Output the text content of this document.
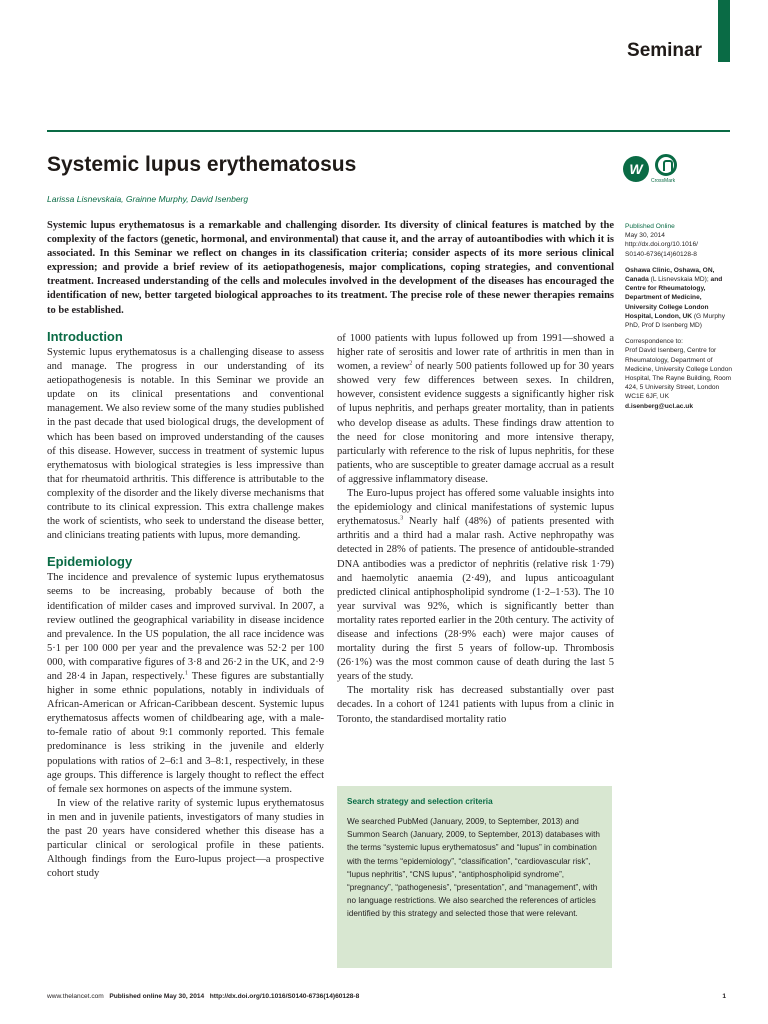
Seminar
Systemic lupus erythematosus
Larissa Lisnevskaia, Grainne Murphy, David Isenberg
W
CrossMark
Systemic lupus erythematosus is a remarkable and challenging disorder. Its diversity of clinical features is matched by the complexity of the factors (genetic, hormonal, and environmental) that cause it, and the array of autoantibodies with which it is associated. In this Seminar we reflect on changes in its classification criteria; consider aspects of its more serious clinical expression; and provide a brief review of its aetiopathogenesis, major complications, coping strategies, and conventional treatment. Increased understanding of the cells and molecules involved in the development of the diseases has encouraged the identification of new, better targeted biological approaches to its treatment. The precise role of these newer therapies remains to be established.
Introduction

Systemic lupus erythematosus is a challenging disease to assess and manage. The progress in our understanding of its aetiopathogenesis is notable. In this Seminar we provide an update on its clinical presentations and conventional management. We also review some of the many studies published in the past decade that used biological drugs, the development of which has been based on improved understanding of the causes of this disease. However, success in treatment of systemic lupus erythematosus with biological strategies is less impressive than that for rheumatoid arthritis. This difference is attributable to the complexity of the disorder and the likely diverse mechanisms that contribute to its clinical expression. This extra challenge makes the work of scientists, who seek to understand the disease better, and clinicians treating patients with lupus, more demanding.

Epidemiology

The incidence and prevalence of systemic lupus erythematosus seems to be increasing, probably because of both the identification of milder cases and improved survival. In 2007, a review outlined the geographical variability in disease incidence and prevalence. In the US population, the all race incidence was 5·1 per 100 000 per year and the prevalence was 52·2 per 100 000, with comparative figures of 3·8 and 26·2 in the UK, and 2·9 and 28·4 in Japan, respectively.$^1$ These figures are substantially higher in some ethnic populations, notably in individuals of African-American or African-Caribbean descent. Systemic lupus erythematosus affects women of childbearing age, with a male-to-female ratio of about 9:1 commonly reported. This female predominance is less striking in the juvenile and elderly populations with ratios of 2–6:1 and 3–8:1, respectively, in these age groups. This difference is largely thought to reflect the effect of female sex hormones on aspects of the immune system.

In view of the relative rarity of systemic lupus erythematosus in men and in juvenile patients, investigators of many studies in the past 20 years have considered whether this disease has a particular clinical or serological profile in these patients. Although findings from the Euro-lupus project—a prospective cohort study

of 1000 patients with lupus followed up from 1991—showed a higher rate of serositis and lower rate of arthritis in men than in women, a review$^2$ of nearly 500 patients followed up for 30 years showed very few differences between sexes. In children, however, consistent evidence suggests a significantly higher risk of lupus nephritis, and perhaps greater mortality, than in patients who develop disease as adults. These findings draw attention to the need for close monitoring and more intensive therapy, particularly with reference to the risk of lupus nephritis, for these patients, who are susceptible to greater damage accrual as a result of aggressive inflammatory disease.

The Euro-lupus project has offered some valuable insights into the epidemiology and clinical manifestations of systemic lupus erythematosus.$^3$ Nearly half (48%) of patients presented with arthritis and a third had a malar rash. Active nephropathy was detected in 28% of patients. The presence of antidouble-stranded DNA antibodies was a predictor of nephritis (relative risk 1·79) and haemolytic anaemia (2·49), and lupus anticoagulant predicted clinical antiphospholipid syndrome (1·2–1·53). The 10 year survival was 92%, which is significantly better than mortality rates reported earlier in the 20th century. The activity of disease and infections (28·9% each) were major causes of mortality during the first 5 years of follow-up. Thrombosis (26·1%) was the most common cause of death during the last 5 years of the study.

The mortality risk has decreased substantially over past decades. In a cohort of 1241 patients with lupus from a clinic in Toronto, the standardised mortality ratio

Published Online
May 30, 2014
http://dx.doi.org/10.1016/
S0140-6736(14)60128-8
Oshawa Clinic, Oshawa, ON, Canada (L Lisnevskaia MD); and Centre for Rheumatology, Department of Medicine, University College London Hospital, London, UK (G Murphy PhD, Prof D Isenberg MD)
Correspondence to:
Prof David Isenberg, Centre for Rheumatology, Department of Medicine, University College London Hospital, The Rayne Building, Room 424, 5 University Street, London WC1E 6JF, UK
d.isenberg@ucl.ac.uk
Search strategy and selection criteria
We searched PubMed (January, 2009, to September, 2013) and Summon Search (January, 2009, to September, 2013) databases with the terms “systemic lupus erythematosus” and “lupus” in combination with the terms “epidemiology”, “classification”, “cardiovascular risk”, “lupus nephritis”, “CNS lupus”, “antiphospholipid syndrome”, “pregnancy”, “pathogenesis”, “presentation”, and “management”, with no language restrictions. We also searched the references of articles identified by this strategy and selected those that were relevant.
www.thelancet.com Published online May 30, 2014 http://dx.doi.org/10.1016/S0140-6736(14)60128-8	1
